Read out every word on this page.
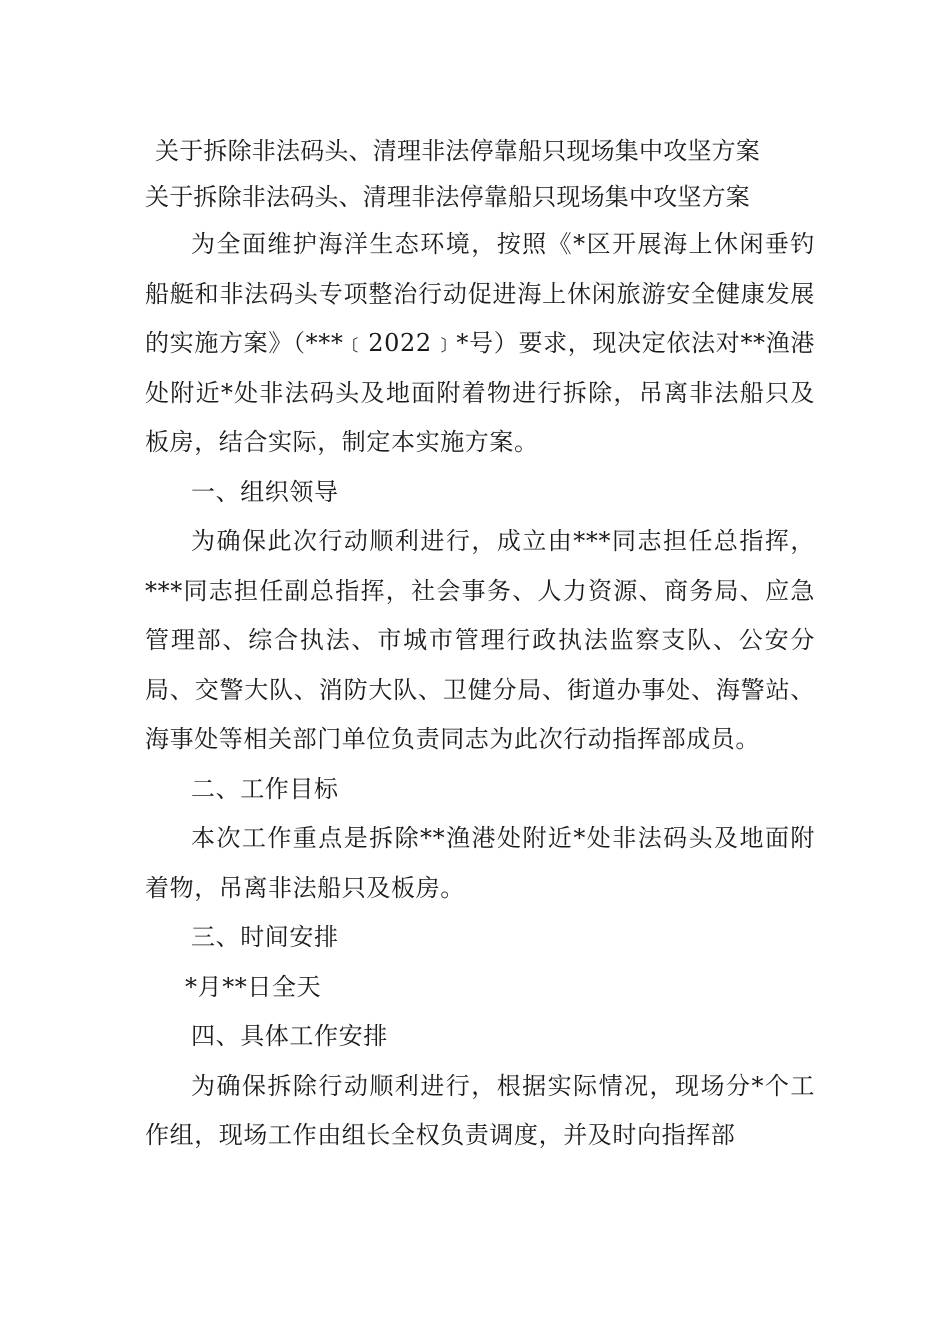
关于拆除非法码头、清理非法停靠船只现场集中攻坚方案
关于拆除非法码头、清理非法停靠船只现场集中攻坚方案

为全面维护海洋生态环境，按照《*区开展海上休闲垂钓船艇和非法码头专项整治行动促进海上休闲旅游安全健康发展的实施方案》（***﹝2022﹞*号）要求，现决定依法对**渔港处附近*处非法码头及地面附着物进行拆除，吊离非法船只及板房，结合实际，制定本实施方案。

一、组织领导

为确保此次行动顺利进行，成立由***同志担任总指挥，***同志担任副总指挥，社会事务、人力资源、商务局、应急管理部、综合执法、市城市管理行政执法监察支队、公安分局、交警大队、消防大队、卫健分局、街道办事处、海警站、海事处等相关部门单位负责同志为此次行动指挥部成员。

二、工作目标

本次工作重点是拆除**渔港处附近*处非法码头及地面附着物，吊离非法船只及板房。

三、时间安排

*月**日全天

四、具体工作安排

为确保拆除行动顺利进行，根据实际情况，现场分*个工作组，现场工作由组长全权负责调度，并及时向指挥部
